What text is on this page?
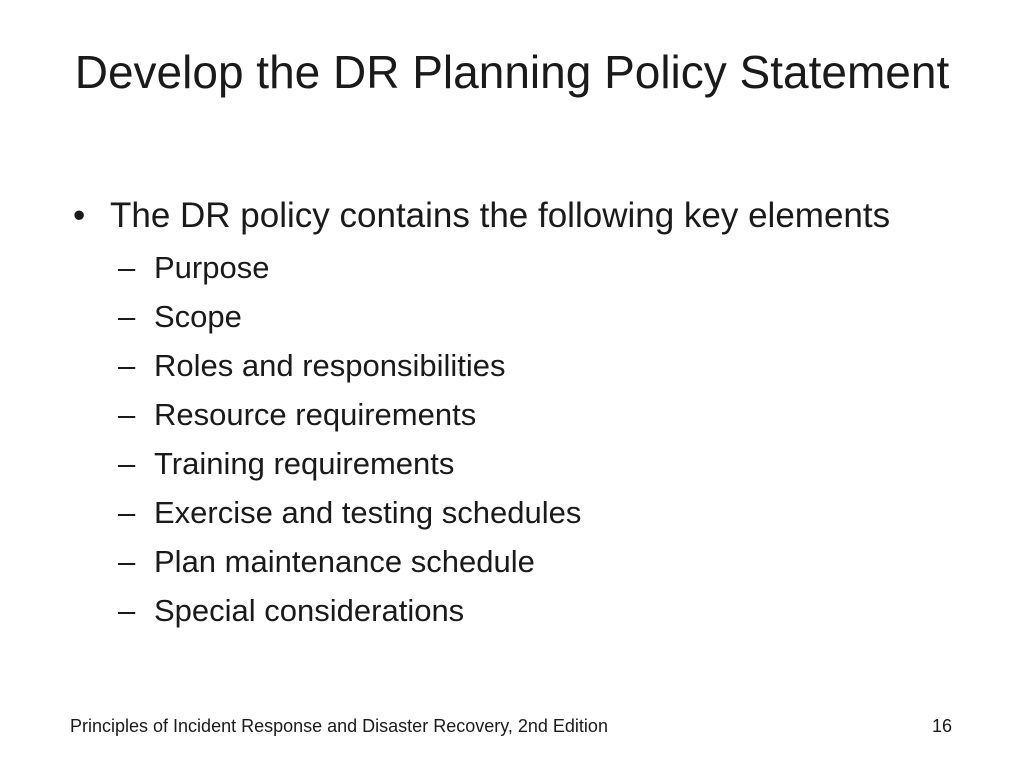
Develop the DR Planning Policy Statement
• The DR policy contains the following key elements
– Purpose
– Scope
– Roles and responsibilities
– Resource requirements
– Training requirements
– Exercise and testing schedules
– Plan maintenance schedule
– Special considerations
Principles of Incident Response and Disaster Recovery, 2nd Edition	16
